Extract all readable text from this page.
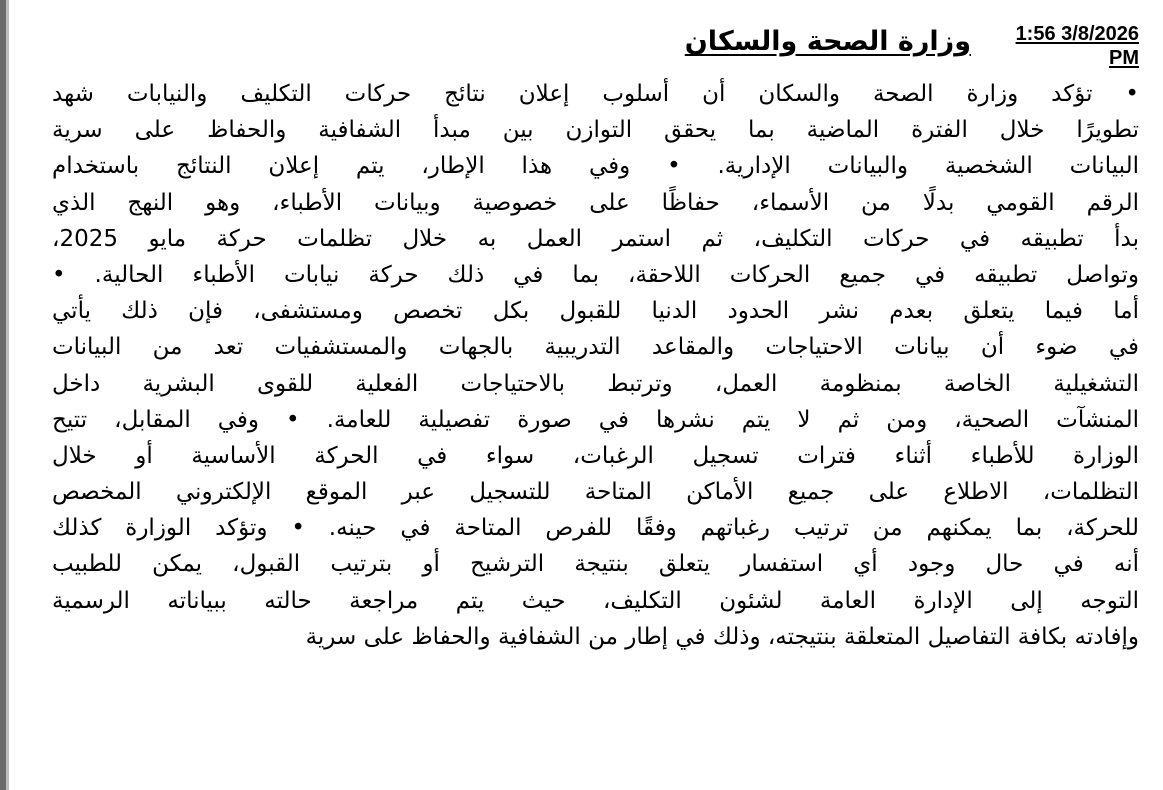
1:56 3/8/2026
PM
وزارة الصحة والسكان
• تؤكد وزارة الصحة والسكان أن أسلوب إعلان نتائج حركات التكليف والنيابات شهد
تطويرًا خلال الفترة الماضية بما يحقق التوازن بين مبدأ الشفافية والحفاظ على سرية
البيانات الشخصية والبيانات الإدارية. • وفي هذا الإطار، يتم إعلان النتائج باستخدام
الرقم القومي بدلًا من الأسماء، حفاظًا على خصوصية وبيانات الأطباء، وهو النهج الذي
بدأ تطبيقه في حركات التكليف، ثم استمر العمل به خلال تظلمات حركة مايو 2025،
وتواصل تطبيقه في جميع الحركات اللاحقة، بما في ذلك حركة نيابات الأطباء الحالية. •
أما فيما يتعلق بعدم نشر الحدود الدنيا للقبول بكل تخصص ومستشفى، فإن ذلك يأتي
في ضوء أن بيانات الاحتياجات والمقاعد التدريبية بالجهات والمستشفيات تعد من البيانات
التشغيلية الخاصة بمنظومة العمل، وترتبط بالاحتياجات الفعلية للقوى البشرية داخل
المنشآت الصحية، ومن ثم لا يتم نشرها في صورة تفصيلية للعامة. • وفي المقابل، تتيح
الوزارة للأطباء أثناء فترات تسجيل الرغبات، سواء في الحركة الأساسية أو خلال
التظلمات، الاطلاع على جميع الأماكن المتاحة للتسجيل عبر الموقع الإلكتروني المخصص
للحركة، بما يمكنهم من ترتيب رغباتهم وفقًا للفرص المتاحة في حينه. • وتؤكد الوزارة كذلك
أنه في حال وجود أي استفسار يتعلق بنتيجة الترشيح أو بترتيب القبول، يمكن للطبيب
التوجه إلى الإدارة العامة لشئون التكليف، حيث يتم مراجعة حالته ببياناته الرسمية
وإفادته بكافة التفاصيل المتعلقة بنتيجته، وذلك في إطار من الشفافية والحفاظ على سرية
